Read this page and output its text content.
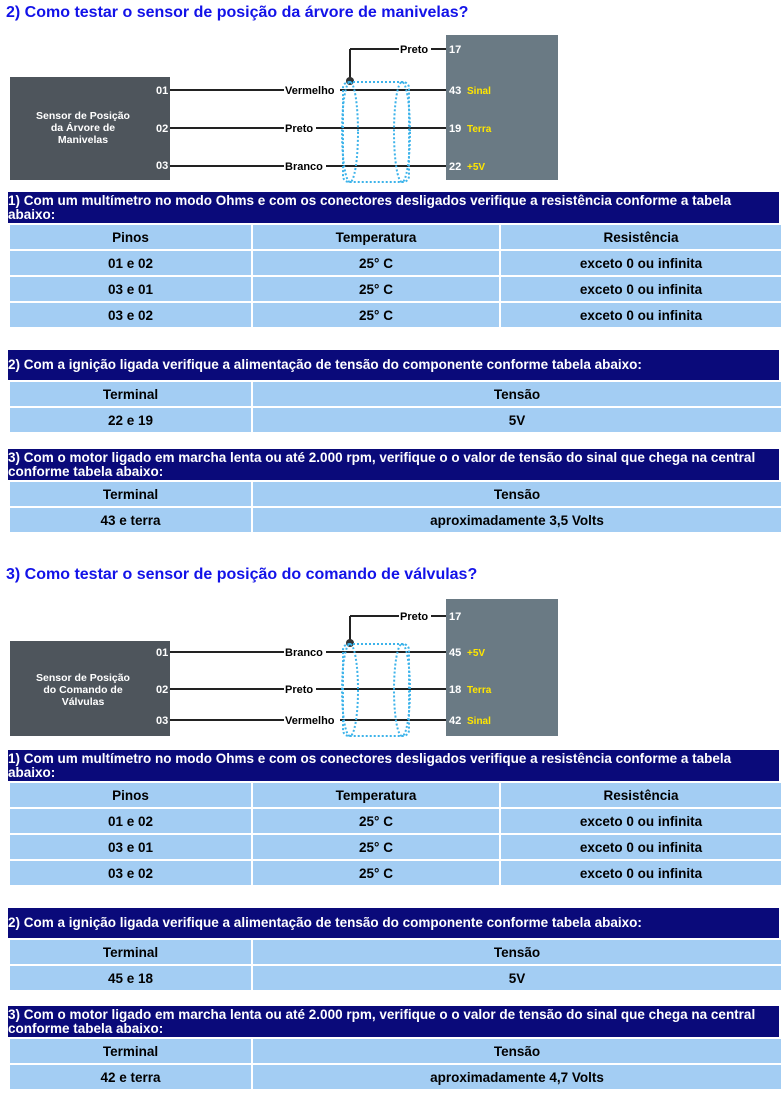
2) Como testar o sensor de posição da árvore de manivelas?
Sensor de Posição
da Árvore de
Manivelas
01
02
03
Vermelho
Preto
Branco
Preto 17
43 Sinal
19 Terra
22 +5V
1) Com um multímetro no modo Ohms e com os conectores desligados verifique a resistência conforme a tabela abaixo:
Pinos	Temperatura	Resistência
01 e 02	25° C	exceto 0 ou infinita
03 e 01	25° C	exceto 0 ou infinita
03 e 02	25° C	exceto 0 ou infinita
2) Com a ignição ligada verifique a alimentação de tensão do componente conforme tabela abaixo:
Terminal	Tensão
22 e 19	5V
3) Com o motor ligado em marcha lenta ou até 2.000 rpm, verifique o o valor de tensão do sinal que chega na central conforme tabela abaixo:
Terminal	Tensão
43 e terra	aproximadamente 3,5 Volts
3) Como testar o sensor de posição do comando de válvulas?
Sensor de Posição
do Comando de
Válvulas
01
02
03
Branco
Preto
Vermelho
Preto 17
45 +5V
18 Terra
42 Sinal
1) Com um multímetro no modo Ohms e com os conectores desligados verifique a resistência conforme a tabela abaixo:
Pinos	Temperatura	Resistência
01 e 02	25° C	exceto 0 ou infinita
03 e 01	25° C	exceto 0 ou infinita
03 e 02	25° C	exceto 0 ou infinita
2) Com a ignição ligada verifique a alimentação de tensão do componente conforme tabela abaixo:
Terminal	Tensão
45 e 18	5V
3) Com o motor ligado em marcha lenta ou até 2.000 rpm, verifique o o valor de tensão do sinal que chega na central conforme tabela abaixo:
Terminal	Tensão
42 e terra	aproximadamente 4,7 Volts
